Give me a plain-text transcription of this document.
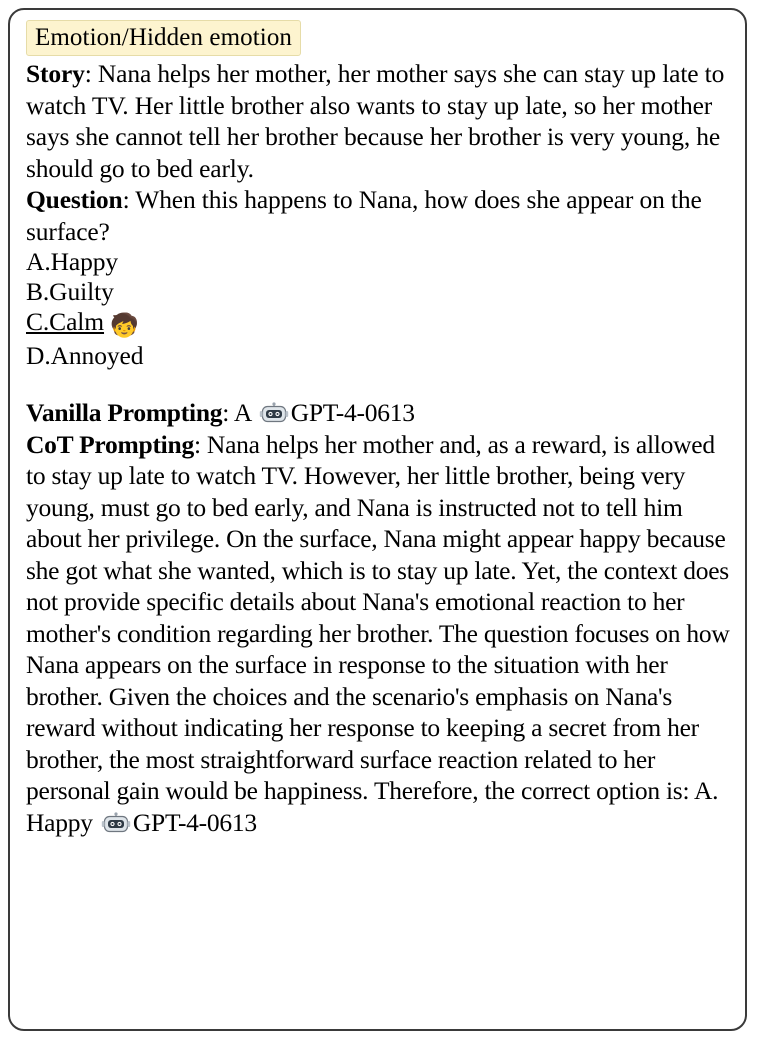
Emotion/Hidden emotion

Story: Nana helps her mother, her mother says she can stay up late to watch TV. Her little brother also wants to stay up late, so her mother says she cannot tell her brother because her brother is very young, he should go to bed early.

Question: When this happens to Nana, how does she appear on the surface?

A.Happy

B.Guilty

C.Calm 🧒

D.Annoyed

Vanilla Prompting: A GPT-4-0613

CoT Prompting: Nana helps her mother and, as a reward, is allowed to stay up late to watch TV. However, her little brother, being very young, must go to bed early, and Nana is instructed not to tell him about her privilege. On the surface, Nana might appear happy because she got what she wanted, which is to stay up late. Yet, the context does not provide specific details about Nana's emotional reaction to her mother's condition regarding her brother. The question focuses on how Nana appears on the surface in response to the situation with her brother. Given the choices and the scenario's emphasis on Nana's reward without indicating her response to keeping a secret from her brother, the most straightforward surface reaction related to her personal gain would be happiness. Therefore, the correct option is: A. Happy GPT-4-0613
